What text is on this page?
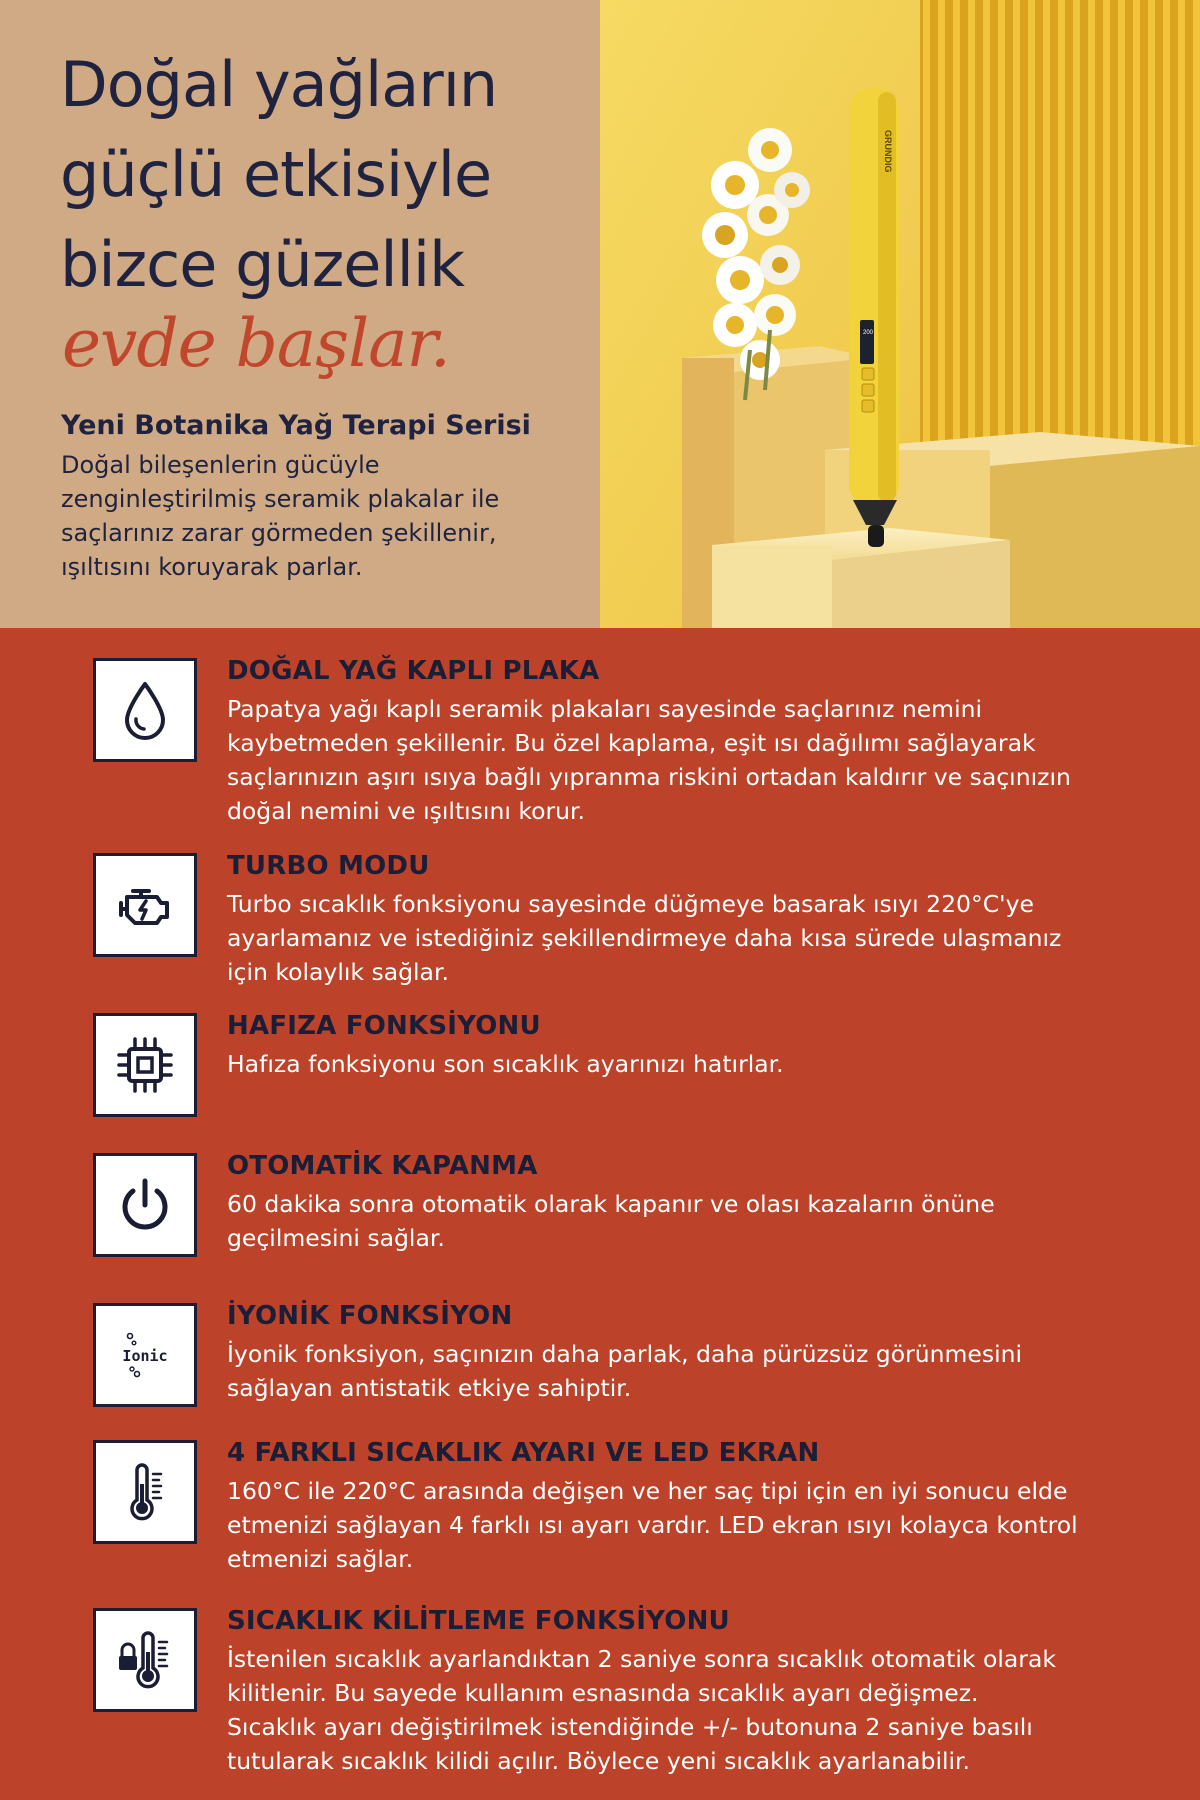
Doğal yağların
güçlü etkisiyle
bizce güzellik

evde başlar.

Yeni Botanika Yağ Terapi Serisi

Doğal bileşenlerin gücüyle
zenginleştirilmiş seramik plakalar ile
saçlarınız zarar görmeden şekillenir,
ışıltısını koruyarak parlar.

GRUNDIG
200
DOĞAL YAĞ KAPLI PLAKA

Papatya yağı kaplı seramik plakaları sayesinde saçlarınız nemini
kaybetmeden şekillenir. Bu özel kaplama, eşit ısı dağılımı sağlayarak
saçlarınızın aşırı ısıya bağlı yıpranma riskini ortadan kaldırır ve saçınızın
doğal nemini ve ışıltısını korur.

TURBO MODU

Turbo sıcaklık fonksiyonu sayesinde düğmeye basarak ısıyı 220°C'ye
ayarlamanız ve istediğiniz şekillendirmeye daha kısa sürede ulaşmanız
için kolaylık sağlar.

HAFIZA FONKSİYONU

Hafıza fonksiyonu son sıcaklık ayarınızı hatırlar.

OTOMATİK KAPANMA

60 dakika sonra otomatik olarak kapanır ve olası kazaların önüne
geçilmesini sağlar.

Ionic
İYONİK FONKSİYON

İyonik fonksiyon, saçınızın daha parlak, daha pürüzsüz görünmesini
sağlayan antistatik etkiye sahiptir.

4 FARKLI SICAKLIK AYARI VE LED EKRAN

160°C ile 220°C arasında değişen ve her saç tipi için en iyi sonucu elde
etmenizi sağlayan 4 farklı ısı ayarı vardır. LED ekran ısıyı kolayca kontrol
etmenizi sağlar.

SICAKLIK KİLİTLEME FONKSİYONU

İstenilen sıcaklık ayarlandıktan 2 saniye sonra sıcaklık otomatik olarak
kilitlenir. Bu sayede kullanım esnasında sıcaklık ayarı değişmez.
Sıcaklık ayarı değiştirilmek istendiğinde +/- butonuna 2 saniye basılı
tutularak sıcaklık kilidi açılır. Böylece yeni sıcaklık ayarlanabilir.
